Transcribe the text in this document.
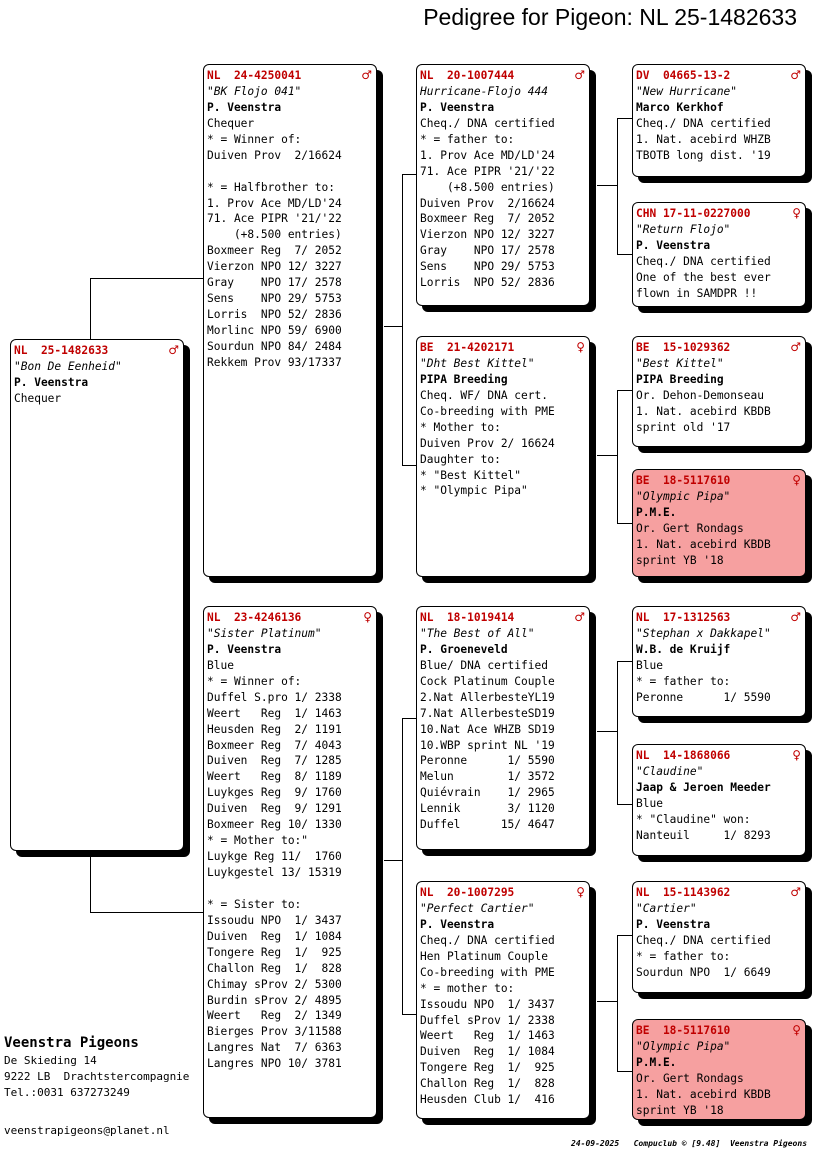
Pedigree for Pigeon: NL 25-1482633
NL  25-1482633	♂
"Bon De Eenheid"
P. Veenstra
Chequer
NL  24-4250041	♂
"BK Flojo 041"
P. Veenstra
Chequer
* = Winner of:
Duiven Prov  2/16624
* = Halfbrother to:
1. Prov Ace MD/LD'24
71. Ace PIPR '21/'22
(+8.500 entries)
Boxmeer Reg  7/ 2052
Vierzon NPO 12/ 3227
Gray    NPO 17/ 2578
Sens    NPO 29/ 5753
Lorris  NPO 52/ 2836
Morlinc NPO 59/ 6900
Sourdun NPO 84/ 2484
Rekkem Prov 93/17337
NL  23-4246136	♀
"Sister Platinum"
P. Veenstra
Blue
* = Winner of:
Duffel S.pro 1/ 2338
Weert   Reg  1/ 1463
Heusden Reg  2/ 1191
Boxmeer Reg  7/ 4043
Duiven  Reg  7/ 1285
Weert   Reg  8/ 1189
Luykges Reg  9/ 1760
Duiven  Reg  9/ 1291
Boxmeer Reg 10/ 1330
* = Mother to:"
Luykge Reg 11/  1760
Luykgestel 13/ 15319
* = Sister to:
Issoudu NPO  1/ 3437
Duiven  Reg  1/ 1084
Tongere Reg  1/  925
Challon Reg  1/  828
Chimay sProv 2/ 5300
Burdin sProv 2/ 4895
Weert   Reg  2/ 1349
Bierges Prov 3/11588
Langres Nat  7/ 6363
Langres NPO 10/ 3781
NL  20-1007444	♂
Hurricane-Flojo 444
P. Veenstra
Cheq./ DNA certified
* = father to:
1. Prov Ace MD/LD'24
71. Ace PIPR '21/'22
(+8.500 entries)
Duiven Prov  2/16624
Boxmeer Reg  7/ 2052
Vierzon NPO 12/ 3227
Gray    NPO 17/ 2578
Sens    NPO 29/ 5753
Lorris  NPO 52/ 2836
BE  21-4202171	♀
"Dht Best Kittel"
PIPA Breeding
Cheq. WF/ DNA cert.
Co-breeding with PME
* Mother to:
Duiven Prov 2/ 16624
Daughter to:
* "Best Kittel"
* "Olympic Pipa"
NL  18-1019414	♂
"The Best of All"
P. Groeneveld
Blue/ DNA certified
Cock Platinum Couple
2.Nat AllerbesteYL19
7.Nat AllerbesteSD19
10.Nat Ace WHZB SD19
10.WBP sprint NL '19
Peronne      1/ 5590
Melun        1/ 3572
Quiévrain    1/ 2965
Lennik       3/ 1120
Duffel      15/ 4647
NL  20-1007295	♀
"Perfect Cartier"
P. Veenstra
Cheq./ DNA certified
Hen Platinum Couple
Co-breeding with PME
* = mother to:
Issoudu NPO  1/ 3437
Duffel sProv 1/ 2338
Weert   Reg  1/ 1463
Duiven  Reg  1/ 1084
Tongere Reg  1/  925
Challon Reg  1/  828
Heusden Club 1/  416
DV  04665-13-2	♂
"New Hurricane"
Marco Kerkhof
Cheq./ DNA certified
1. Nat. acebird WHZB
TBOTB long dist. '19
CHN 17-11-0227000	♀
"Return Flojo"
P. Veenstra
Cheq./ DNA certified
One of the best ever
flown in SAMDPR !!
BE  15-1029362	♂
"Best Kittel"
PIPA Breeding
Or. Dehon-Demonseau
1. Nat. acebird KBDB
sprint old '17
BE  18-5117610	♀
"Olympic Pipa"
P.M.E.
Or. Gert Rondags
1. Nat. acebird KBDB
sprint YB '18
NL  17-1312563	♂
"Stephan x Dakkapel"
W.B. de Kruijf
Blue
* = father to:
Peronne      1/ 5590
NL  14-1868066	♀
"Claudine"
Jaap & Jeroen Meeder
Blue
* "Claudine" won:
Nanteuil     1/ 8293
NL  15-1143962	♂
"Cartier"
P. Veenstra
Cheq./ DNA certified
* = father to:
Sourdun NPO  1/ 6649
BE  18-5117610	♀
"Olympic Pipa"
P.M.E.
Or. Gert Rondags
1. Nat. acebird KBDB
sprint YB '18
Veenstra Pigeons
De Skieding 14
9222 LB  Drachtstercompagnie
Tel.:0031 637273249
veenstrapigeons@planet.nl
24-09-2025   Compuclub © [9.48]  Veenstra Pigeons
